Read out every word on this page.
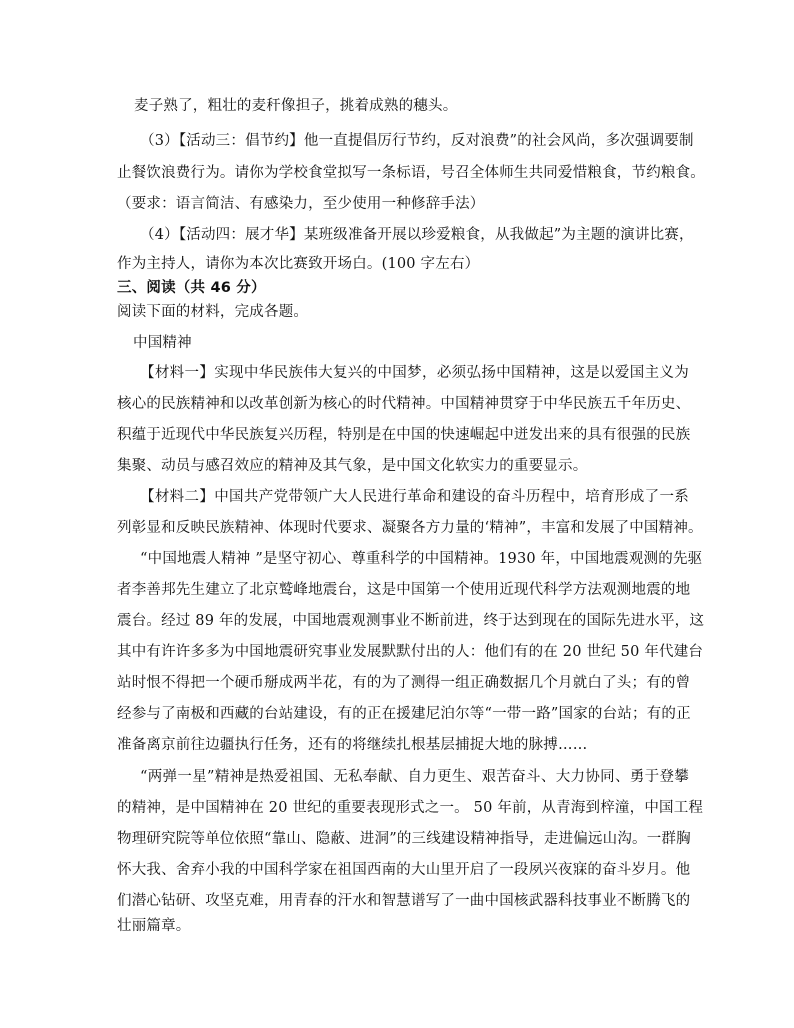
麦子熟了，粗壮的麦秆像担子，挑着成熟的穗头。
（3）【活动三：倡节约】他一直提倡厉行节约，反对浪费”的社会风尚，多次强调要制
止餐饮浪费行为。请你为学校食堂拟写一条标语，号召全体师生共同爱惜粮食，节约粮食。
（要求：语言简洁、有感染力，至少使用一种修辞手法）
（4）【活动四：展才华】某班级准备开展以珍爱粮食，从我做起”为主题的演讲比赛，
作为主持人，请你为本次比赛致开场白。(100 字左右）
三、阅读（共 46 分）
阅读下面的材料，完成各题。
中国精神
【材料一】实现中华民族伟大复兴的中国梦，必须弘扬中国精神，这是以爱国主义为
核心的民族精神和以改革创新为核心的时代精神。中国精神贯穿于中华民族五千年历史、
积蕴于近现代中华民族复兴历程，特别是在中国的快速崛起中迸发出来的具有很强的民族
集聚、动员与感召效应的精神及其气象，是中国文化软实力的重要显示。
【材料二】中国共产党带领广大人民进行革命和建设的奋斗历程中，培育形成了一系
列彰显和反映民族精神、体现时代要求、凝聚各方力量的‘精神”，丰富和发展了中国精神。
“中国地震人精神 ”是坚守初心、尊重科学的中国精神。1930 年，中国地震观测的先驱
者李善邦先生建立了北京鹫峰地震台，这是中国第一个使用近现代科学方法观测地震的地
震台。经过 89 年的发展，中国地震观测事业不断前进，终于达到现在的国际先进水平，这
其中有许许多多为中国地震研究事业发展默默付出的人：他们有的在 20 世纪 50 年代建台
站时恨不得把一个硬币掰成两半花，有的为了测得一组正确数据几个月就白了头；有的曾
经参与了南极和西藏的台站建设，有的正在援建尼泊尔等“一带一路”国家的台站；有的正
准备离京前往边疆执行任务，还有的将继续扎根基层捕捉大地的脉搏……
“两弹一星”精神是热爱祖国、无私奉献、自力更生、艰苦奋斗、大力协同、勇于登攀
的精神，是中国精神在 20 世纪的重要表现形式之一。 50 年前，从青海到梓潼，中国工程
物理研究院等单位依照“靠山、隐蔽、进洞”的三线建设精神指导，走进偏远山沟。一群胸
怀大我、舍弃小我的中国科学家在祖国西南的大山里开启了一段夙兴夜寐的奋斗岁月。他
们潜心钻研、攻坚克难，用青春的汗水和智慧谱写了一曲中国核武器科技事业不断腾飞的
壮丽篇章。
